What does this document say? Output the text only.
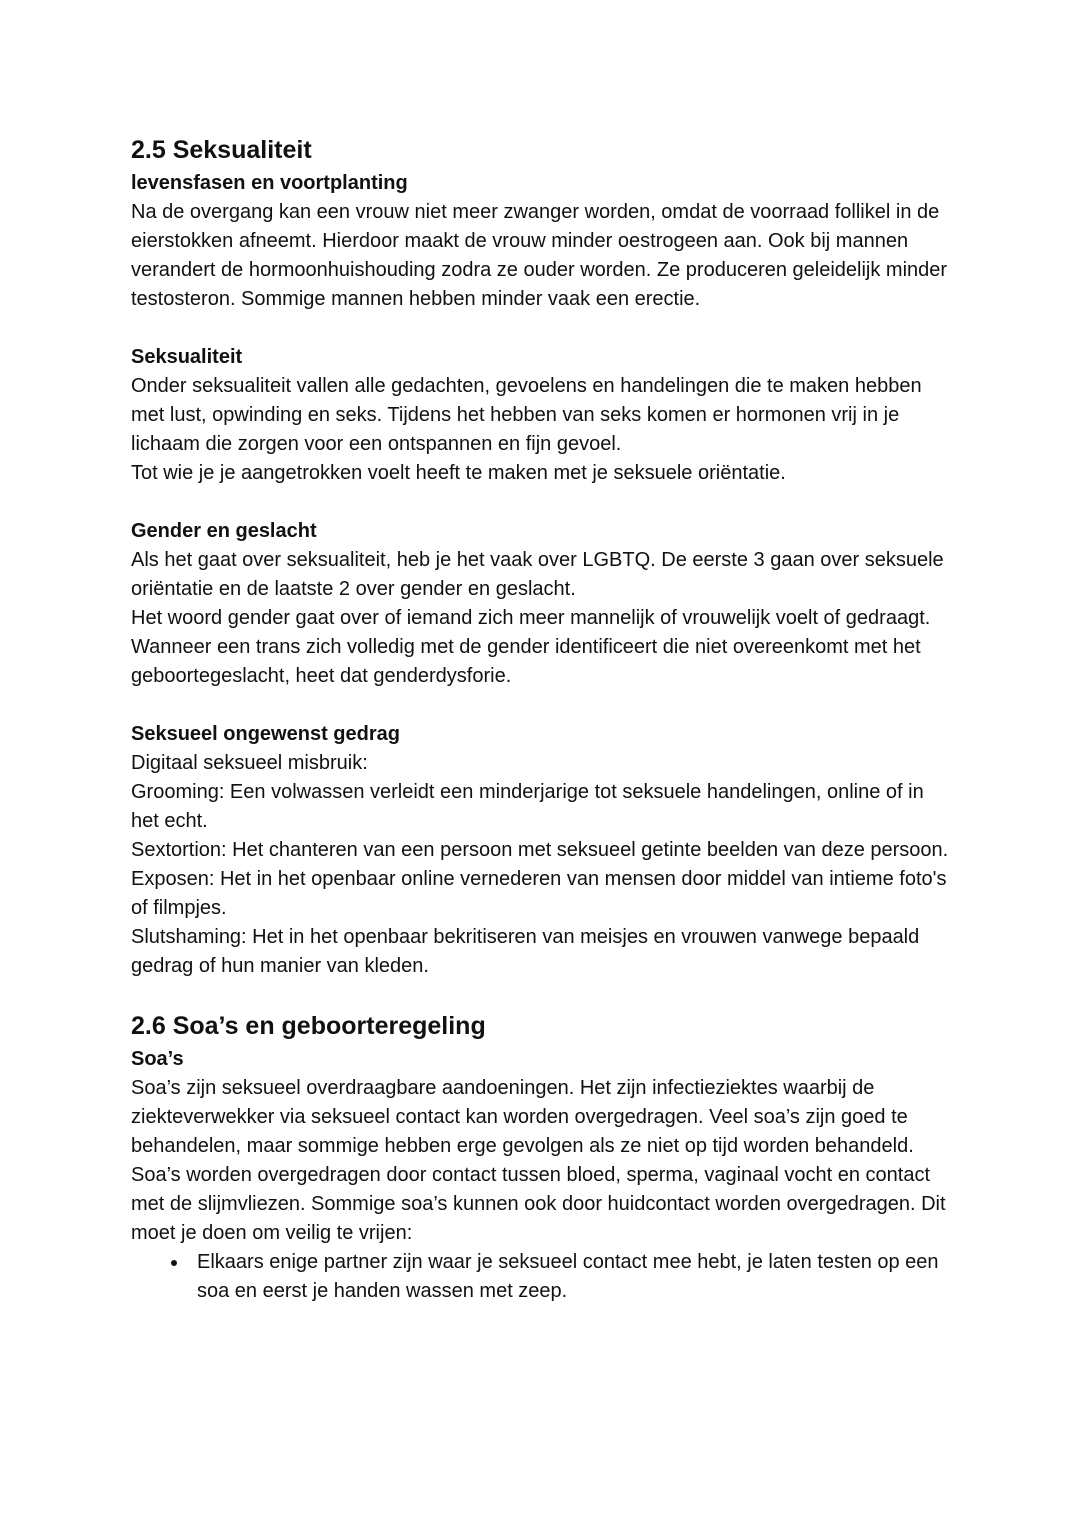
2.5 Seksualiteit
levensfasen en voortplanting

Na de overgang kan een vrouw niet meer zwanger worden, omdat de voorraad follikel in de eierstokken afneemt. Hierdoor maakt de vrouw minder oestrogeen aan. Ook bij mannen verandert de hormoonhuishouding zodra ze ouder worden. Ze produceren geleidelijk minder testosteron. Sommige mannen hebben minder vaak een erectie.

Seksualiteit

Onder seksualiteit vallen alle gedachten, gevoelens en handelingen die te maken hebben met lust, opwinding en seks. Tijdens het hebben van seks komen er hormonen vrij in je lichaam die zorgen voor een ontspannen en fijn gevoel.

Tot wie je je aangetrokken voelt heeft te maken met je seksuele oriëntatie.

Gender en geslacht

Als het gaat over seksualiteit, heb je het vaak over LGBTQ. De eerste 3 gaan over seksuele oriëntatie en de laatste 2 over gender en geslacht.

Het woord gender gaat over of iemand zich meer mannelijk of vrouwelijk voelt of gedraagt. Wanneer een trans zich volledig met de gender identificeert die niet overeenkomt met het geboortegeslacht, heet dat genderdysforie.

Seksueel ongewenst gedrag

Digitaal seksueel misbruik:

Grooming: Een volwassen verleidt een minderjarige tot seksuele handelingen, online of in het echt.

Sextortion: Het chanteren van een persoon met seksueel getinte beelden van deze persoon.

Exposen: Het in het openbaar online vernederen van mensen door middel van intieme foto's of filmpjes.

Slutshaming: Het in het openbaar bekritiseren van meisjes en vrouwen vanwege bepaald gedrag of hun manier van kleden.

2.6 Soa’s en geboorteregeling
Soa’s

Soa’s zijn seksueel overdraagbare aandoeningen. Het zijn infectieziektes waarbij de ziekteverwekker via seksueel contact kan worden overgedragen. Veel soa’s zijn goed te behandelen, maar sommige hebben erge gevolgen als ze niet op tijd worden behandeld.

Soa’s worden overgedragen door contact tussen bloed, sperma, vaginaal vocht en contact met de slijmvliezen. Sommige soa’s kunnen ook door huidcontact worden overgedragen. Dit moet je doen om veilig te vrijen:

• Elkaars enige partner zijn waar je seksueel contact mee hebt, je laten testen op een soa en eerst je handen wassen met zeep.
